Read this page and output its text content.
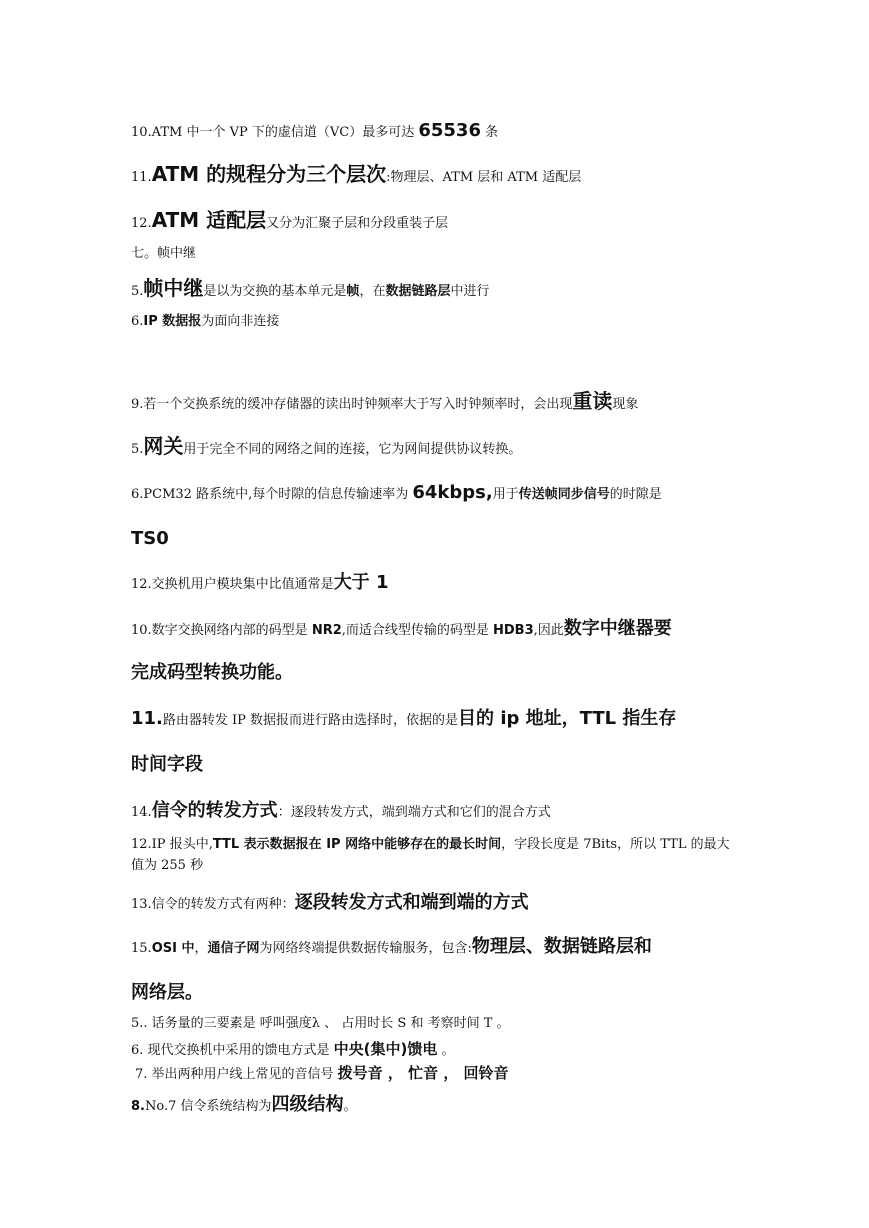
10.ATM 中一个 VP 下的虚信道（VC）最多可达 65536 条
11.ATM 的规程分为三个层次:物理层、ATM 层和 ATM 适配层
12.ATM 适配层又分为汇聚子层和分段重装子层
七。帧中继
5.帧中继是以为交换的基本单元是帧，在数据链路层中进行
6.IP 数据报为面向非连接
9.若一个交换系统的缓冲存储器的读出时钟频率大于写入时钟频率时，会出现重读现象
5.网关用于完全不同的网络之间的连接，它为网间提供协议转换。
6.PCM32 路系统中,每个时隙的信息传输速率为 64kbps,用于传送帧同步信号的时隙是
TS0
12.交换机用户模块集中比值通常是大于 1
10.数字交换网络内部的码型是 NR2,而适合线型传输的码型是 HDB3,因此数字中继器要
完成码型转换功能。
11.路由器转发 IP 数据报而进行路由选择时，依据的是目的 ip 地址，TTL 指生存
时间字段
14.信令的转发方式：逐段转发方式，端到端方式和它们的混合方式
12.IP 报头中,TTL 表示数据报在 IP 网络中能够存在的最长时间，字段长度是 7Bits，所以 TTL 的最大值为 255 秒
13.信令的转发方式有两种：逐段转发方式和端到端的方式
15.OSI 中，通信子网为网络终端提供数据传输服务，包含:物理层、数据链路层和
网络层。
5.. 话务量的三要素是 呼叫强度λ 、 占用时长 S 和 考察时间 T 。
6. 现代交换机中采用的馈电方式是 中央(集中)馈电 。
7. 举出两种用户线上常见的音信号 拨号音 ， 忙音 ， 回铃音
8.No.7 信令系统结构为四级结构。
